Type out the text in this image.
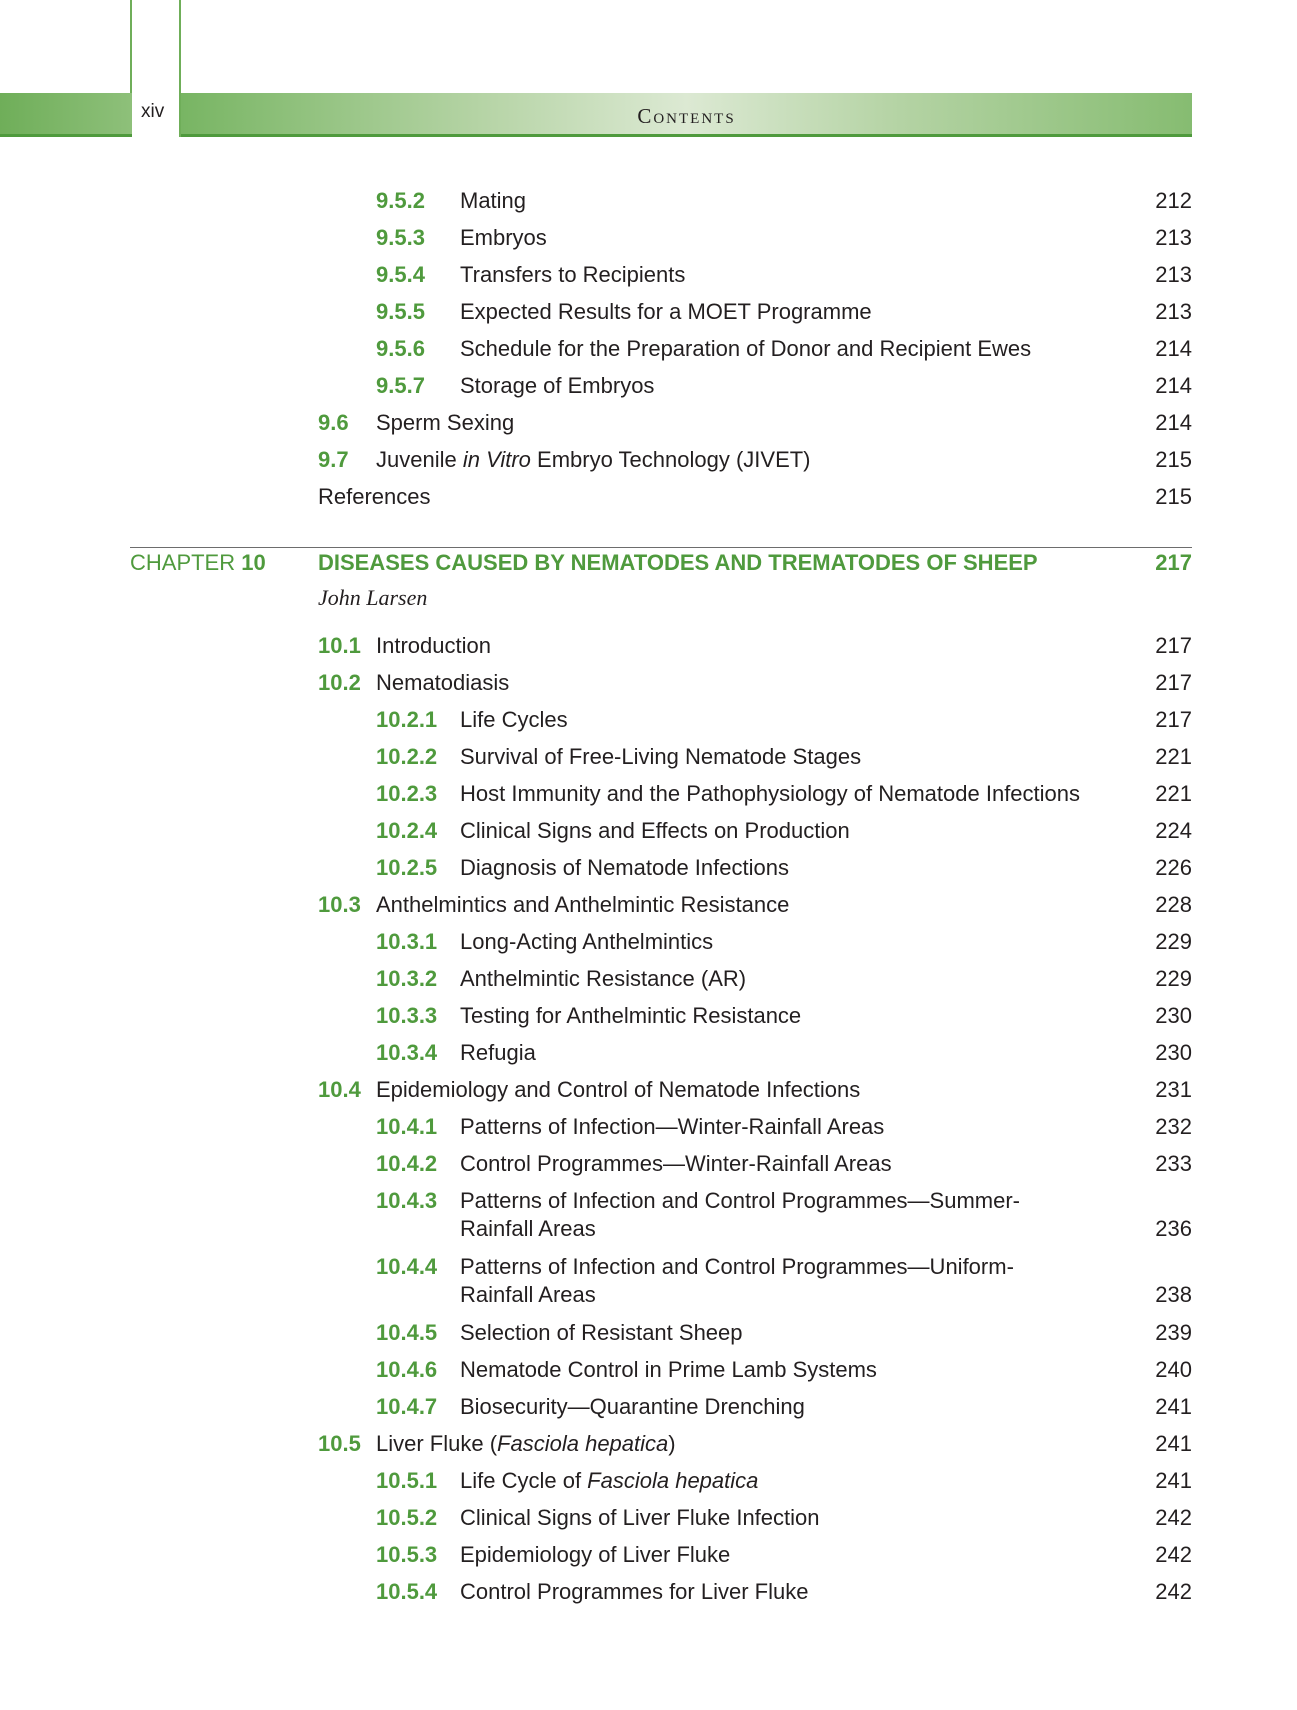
xiv	Contents
9.5.2 Mating	212
9.5.3 Embryos	213
9.5.4 Transfers to Recipients	213
9.5.5 Expected Results for a MOET Programme	213
9.5.6 Schedule for the Preparation of Donor and Recipient Ewes	214
9.5.7 Storage of Embryos	214
9.6 Sperm Sexing	214
9.7 Juvenile in Vitro Embryo Technology (JIVET)	215
References	215
CHAPTER 10 DISEASES CAUSED BY NEMATODES AND TREMATODES OF SHEEP	217
John Larsen
10.1 Introduction	217
10.2 Nematodiasis	217
10.2.1 Life Cycles	217
10.2.2 Survival of Free-Living Nematode Stages	221
10.2.3 Host Immunity and the Pathophysiology of Nematode Infections	221
10.2.4 Clinical Signs and Effects on Production	224
10.2.5 Diagnosis of Nematode Infections	226
10.3 Anthelmintics and Anthelmintic Resistance	228
10.3.1 Long-Acting Anthelmintics	229
10.3.2 Anthelmintic Resistance (AR)	229
10.3.3 Testing for Anthelmintic Resistance	230
10.3.4 Refugia	230
10.4 Epidemiology and Control of Nematode Infections	231
10.4.1 Patterns of Infection—Winter-Rainfall Areas	232
10.4.2 Control Programmes—Winter-Rainfall Areas	233
10.4.3 Patterns of Infection and Control Programmes—Summer-
Rainfall Areas	236
10.4.4 Patterns of Infection and Control Programmes—Uniform-
Rainfall Areas	238
10.4.5 Selection of Resistant Sheep	239
10.4.6 Nematode Control in Prime Lamb Systems	240
10.4.7 Biosecurity—Quarantine Drenching	241
10.5 Liver Fluke (Fasciola hepatica)	241
10.5.1 Life Cycle of Fasciola hepatica	241
10.5.2 Clinical Signs of Liver Fluke Infection	242
10.5.3 Epidemiology of Liver Fluke	242
10.5.4 Control Programmes for Liver Fluke	242
